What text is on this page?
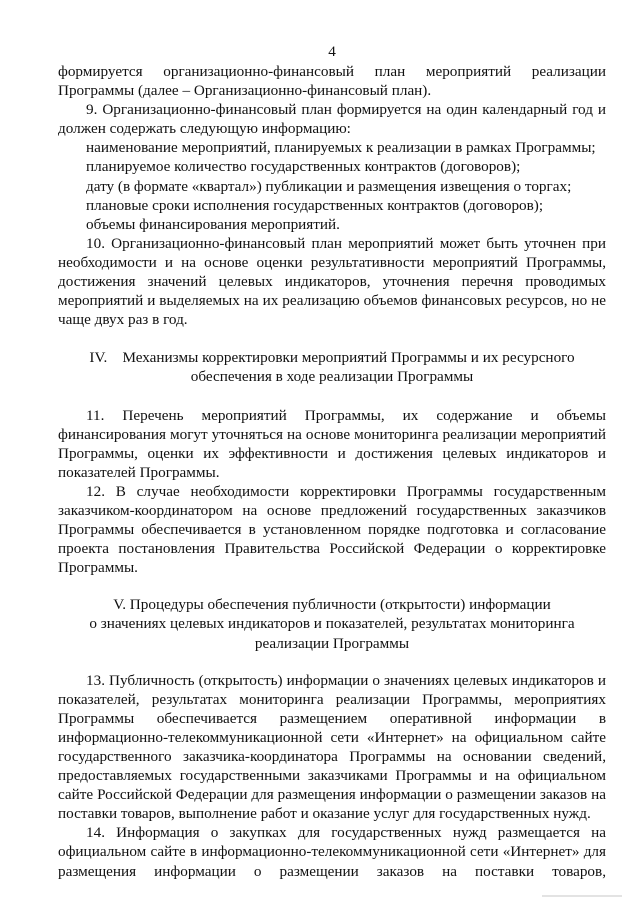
4

формируется организационно-финансовый план мероприятий реализации Программы (далее – Организационно-финансовый план).

9. Организационно-финансовый план формируется на один календарный год и должен содержать следующую информацию:

наименование мероприятий, планируемых к реализации в рамках Программы;

планируемое количество государственных контрактов (договоров);

дату (в формате «квартал») публикации и размещения извещения о торгах;

плановые сроки исполнения государственных контрактов (договоров);

объемы финансирования мероприятий.

10. Организационно-финансовый план мероприятий может быть уточнен при необходимости и на основе оценки результативности мероприятий Программы, достижения значений целевых индикаторов, уточнения перечня проводимых мероприятий и выделяемых на их реализацию объемов финансовых ресурсов, но не чаще двух раз в год.

IV.    Механизмы корректировки мероприятий Программы и их ресурсного
обеспечения в ходе реализации Программы

11. Перечень мероприятий Программы, их содержание и объемы финансирования могут уточняться на основе мониторинга реализации мероприятий Программы, оценки их эффективности и достижения целевых индикаторов и показателей Программы.

12. В случае необходимости корректировки Программы государственным заказчиком-координатором на основе предложений государственных заказчиков Программы обеспечивается в установленном порядке подготовка и согласование проекта постановления Правительства Российской Федерации о корректировке Программы.

V. Процедуры обеспечения публичности (открытости) информации
о значениях целевых индикаторов и показателей, результатах мониторинга
реализации Программы

13. Публичность (открытость) информации о значениях целевых индикаторов и показателей, результатах мониторинга реализации Программы, мероприятиях Программы обеспечивается размещением оперативной информации в информационно-телекоммуникационной сети «Интернет» на официальном сайте государственного заказчика-координатора Программы на основании сведений, предоставляемых государственными заказчиками Программы и на официальном сайте Российской Федерации для размещения информации о размещении заказов на поставки товаров, выполнение работ и оказание услуг для государственных нужд.

14. Информация о закупках для государственных нужд размещается на официальном сайте в информационно-телекоммуникационной сети «Интернет» для размещения информации о размещении заказов на поставки товаров,
